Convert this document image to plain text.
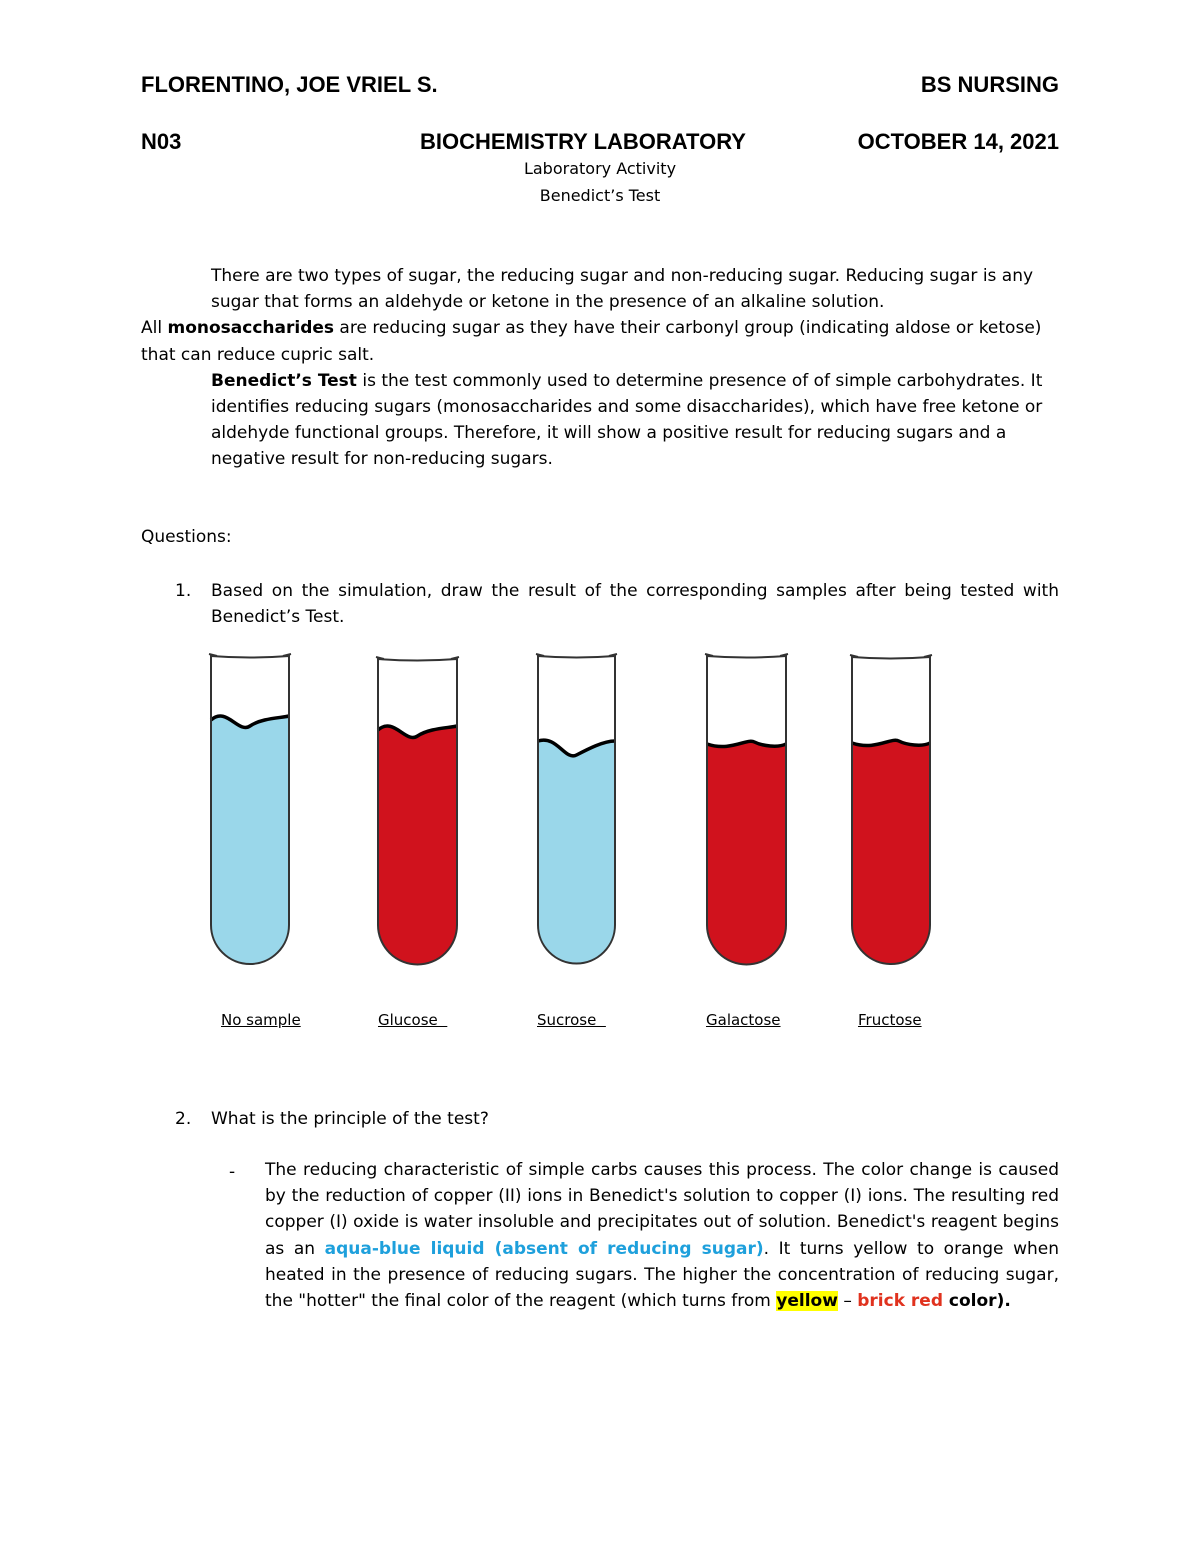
FLORENTINO, JOE VRIEL S.	BS NURSING
N03	BIOCHEMISTRY LABORATORY	OCTOBER 14, 2021
Laboratory Activity
Benedict’s Test

There are two types of sugar, the reducing sugar and non-reducing sugar. Reducing sugar is any sugar that forms an aldehyde or ketone in the presence of an alkaline solution.

All monosaccharides are reducing sugar as they have their carbonyl group (indicating aldose or ketose) that can reduce cupric salt.

Benedict’s Test is the test commonly used to determine presence of of simple carbohydrates. It identifies reducing sugars (monosaccharides and some disaccharides), which have free ketone or aldehyde functional groups. Therefore, it will show a positive result for reducing sugars and a negative result for non-reducing sugars.

Questions:
1. Based on the simulation, draw the result of the corresponding samples after being tested with Benedict’s Test.
No sample	Glucose	Sucrose	Galactose	Fructose
2. What is the principle of the test?
- The reducing characteristic of simple carbs causes this process. The color change is caused by the reduction of copper (II) ions in Benedict's solution to copper (I) ions. The resulting red copper (I) oxide is water insoluble and precipitates out of solution. Benedict's reagent begins as an aqua-blue liquid (absent of reducing sugar). It turns yellow to orange when heated in the presence of reducing sugars. The higher the concentration of reducing sugar, the "hotter" the final color of the reagent (which turns from yellow – brick red color).
